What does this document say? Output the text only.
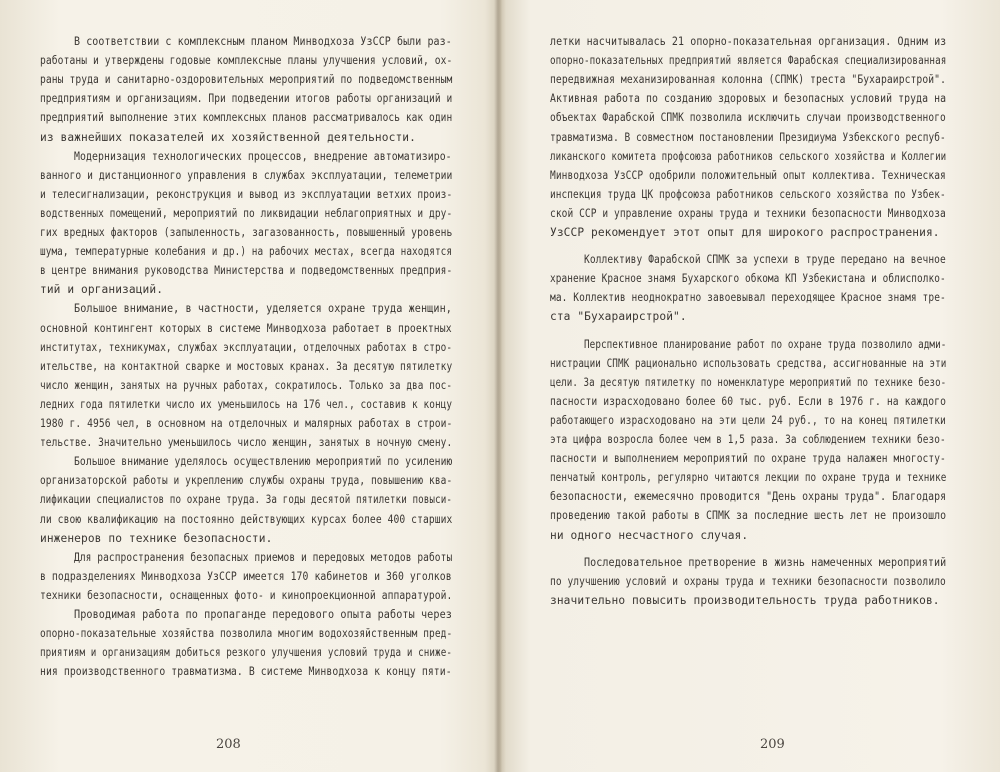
В соответствии с комплексным планом Минводхоза УзССР были раз-
работаны и утверждены годовые комплексные планы улучшения условий, ох-
раны труда и санитарно-оздоровительных мероприятий по подведомственным
предприятиям и организациям. При подведении итогов работы организаций и
предприятий выполнение этих комплексных планов рассматривалось как один
из важнейших показателей их хозяйственной деятельности.
Модернизация технологических процессов, внедрение автоматизиро-
ванного и дистанционного управления в службах эксплуатации, телеметрии
и телесигнализации, реконструкция и вывод из эксплуатации ветхих произ-
водственных помещений, мероприятий по ликвидации неблагоприятных и дру-
гих вредных факторов (запыленность, загазованность, повышенный уровень
шума, температурные колебания и др.) на рабочих местах, всегда находятся
в центре внимания руководства Министерства и подведомственных предприя-
тий и организаций.
Большое внимание, в частности, уделяется охране труда женщин,
основной контингент которых в системе Минводхоза работает в проектных
институтах, техникумах, службах эксплуатации, отделочных работах в стро-
ительстве, на контактной сварке и мостовых кранах. За десятую пятилетку
число женщин, занятых на ручных работах, сократилось. Только за два пос-
ледних года пятилетки число их уменьшилось на 176 чел., составив к концу
1980 г. 4956 чел, в основном на отделочных и малярных работах в строи-
тельстве. Значительно уменьшилось число женщин, занятых в ночную смену.
Большое внимание уделялось осуществлению мероприятий по усилению
организаторской работы и укреплению службы охраны труда, повышению ква-
лификации специалистов по охране труда. За годы десятой пятилетки повыси-
ли свою квалификацию на постоянно действующих курсах более 400 старших
инженеров по технике безопасности.
Для распространения безопасных приемов и передовых методов работы
в подразделениях Минводхоза УзССР имеется 170 кабинетов и 360 уголков
техники безопасности, оснащенных фото- и кинопроекционной аппаратурой.
Проводимая работа по пропаганде передового опыта работы через
опорно-показательные хозяйства позволила многим водохозяйственным пред-
приятиям и организациям добиться резкого улучшения условий труда и сниже-
ния производственного травматизма. В системе Минводхоза к концу пяти-
208
летки насчитывалась 21 опорно-показательная организация. Одним из
опорно-показательных предприятий является Фарабская специализированная
передвижная механизированная колонна (СПМК) треста "Бухараирстрой".
Активная работа по созданию здоровых и безопасных условий труда на
объектах Фарабской СПМК позволила исключить случаи производственного
травматизма. В совместном постановлении Президиума Узбекского респуб-
ликанского комитета профсоюза работников сельского хозяйства и Коллегии
Минводхоза УзССР одобрили положительный опыт коллектива. Техническая
инспекция труда ЦК профсоюза работников сельского хозяйства по Узбек-
ской ССР и управление охраны труда и техники безопасности Минводхоза
УзССР рекомендует этот опыт для широкого распространения.
Коллективу Фарабской СПМК за успехи в труде передано на вечное
хранение Красное знамя Бухарского обкома КП Узбекистана и облисполко-
ма. Коллектив неоднократно завоевывал переходящее Красное знамя тре-
ста "Бухараирстрой".
Перспективное планирование работ по охране труда позволило адми-
нистрации СПМК рационально использовать средства, ассигнованные на эти
цели. За десятую пятилетку по номенклатуре мероприятий по технике безо-
пасности израсходовано более 60 тыс. руб. Если в 1976 г. на каждого
работающего израсходовано на эти цели 24 руб., то на конец пятилетки
эта цифра возросла более чем в 1,5 раза. За соблюдением техники безо-
пасности и выполнением мероприятий по охране труда налажен многосту-
пенчатый контроль, регулярно читаются лекции по охране труда и технике
безопасности, ежемесячно проводится "День охраны труда". Благодаря
проведению такой работы в СПМК за последние шесть лет не произошло
ни одного несчастного случая.
Последовательное претворение в жизнь намеченных мероприятий
по улучшению условий и охраны труда и техники безопасности позволило
значительно повысить производительность труда работников.
209
